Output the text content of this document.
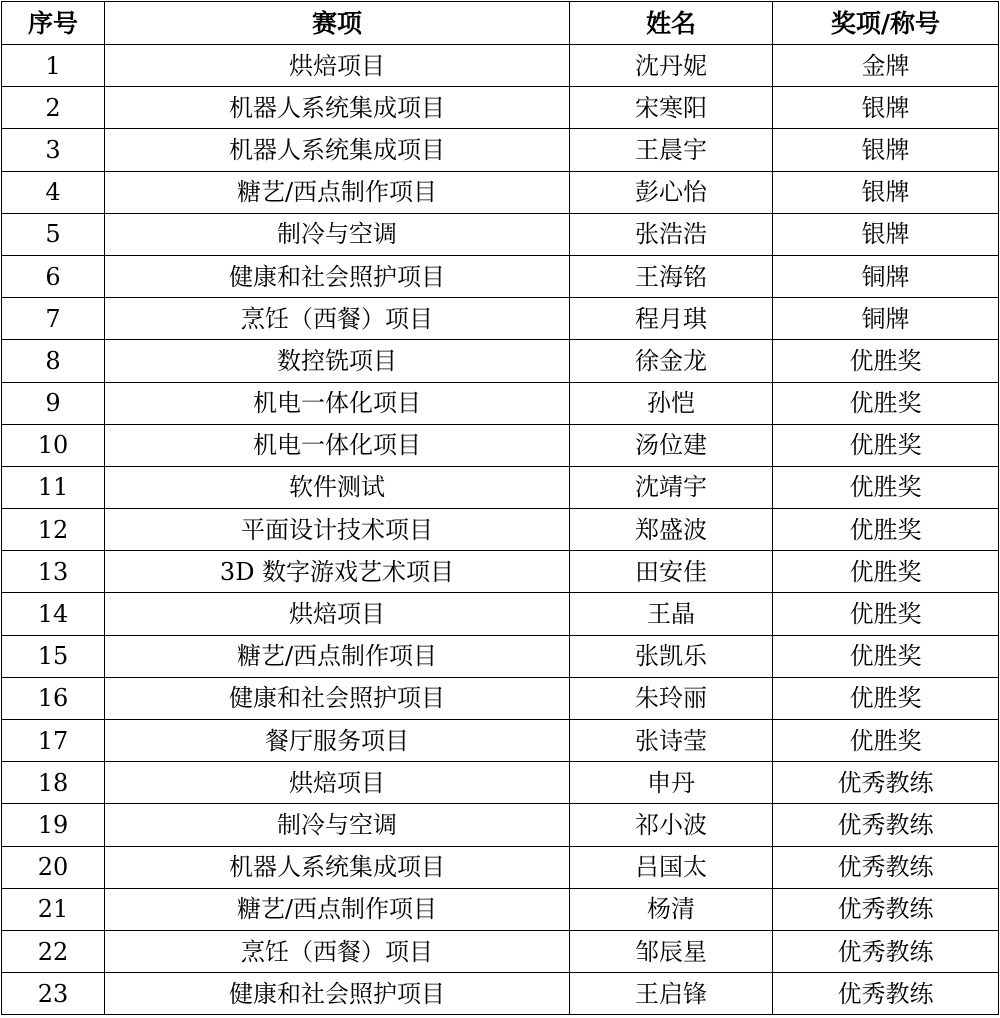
序号	赛项	姓名	奖项/称号
1	烘焙项目	沈丹妮	金牌
2	机器人系统集成项目	宋寒阳	银牌
3	机器人系统集成项目	王晨宇	银牌
4	糖艺/西点制作项目	彭心怡	银牌
5	制冷与空调	张浩浩	银牌
6	健康和社会照护项目	王海铭	铜牌
7	烹饪（西餐）项目	程月琪	铜牌
8	数控铣项目	徐金龙	优胜奖
9	机电一体化项目	孙恺	优胜奖
10	机电一体化项目	汤位建	优胜奖
11	软件测试	沈靖宇	优胜奖
12	平面设计技术项目	郑盛波	优胜奖
13	3D 数字游戏艺术项目	田安佳	优胜奖
14	烘焙项目	王晶	优胜奖
15	糖艺/西点制作项目	张凯乐	优胜奖
16	健康和社会照护项目	朱玲丽	优胜奖
17	餐厅服务项目	张诗莹	优胜奖
18	烘焙项目	申丹	优秀教练
19	制冷与空调	祁小波	优秀教练
20	机器人系统集成项目	吕国太	优秀教练
21	糖艺/西点制作项目	杨清	优秀教练
22	烹饪（西餐）项目	邹辰星	优秀教练
23	健康和社会照护项目	王启锋	优秀教练
